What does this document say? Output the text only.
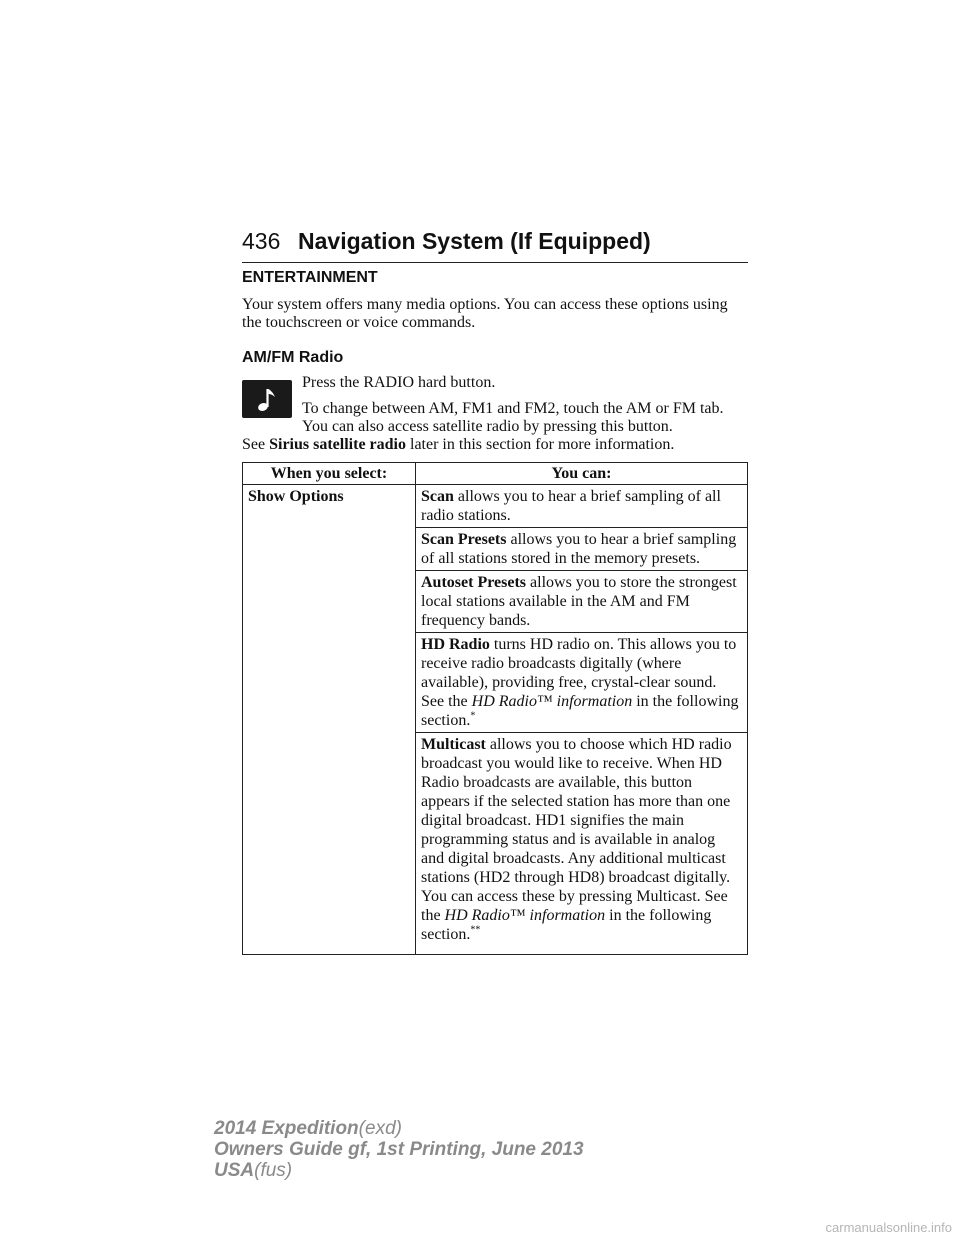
436 Navigation System (If Equipped)
ENTERTAINMENT

Your system offers many media options. You can access these options using the touchscreen or voice commands.

AM/FM Radio

Press the RADIO hard button.

To change between AM, FM1 and FM2, touch the AM or FM tab. You can also access satellite radio by pressing this button.

See Sirius satellite radio later in this section for more information.

When you select:	You can:
Show Options	Scan allows you to hear a brief sampling of all radio stations.
	Scan Presets allows you to hear a brief sampling of all stations stored in the memory presets.
	Autoset Presets allows you to store the strongest local stations available in the AM and FM frequency bands.
	HD Radio turns HD radio on. This allows you to receive radio broadcasts digitally (where available), providing free, crystal-clear sound. See the HD Radio™ information in the following section.*
	Multicast allows you to choose which HD radio broadcast you would like to receive. When HD Radio broadcasts are available, this button appears if the selected station has more than one digital broadcast. HD1 signifies the main programming status and is available in analog and digital broadcasts. Any additional multicast stations (HD2 through HD8) broadcast digitally. You can access these by pressing Multicast. See the HD Radio™ information in the following section.**
2014 Expedition(exd)
Owners Guide gf, 1st Printing, June 2013
USA(fus)
carmanualsonline.info
